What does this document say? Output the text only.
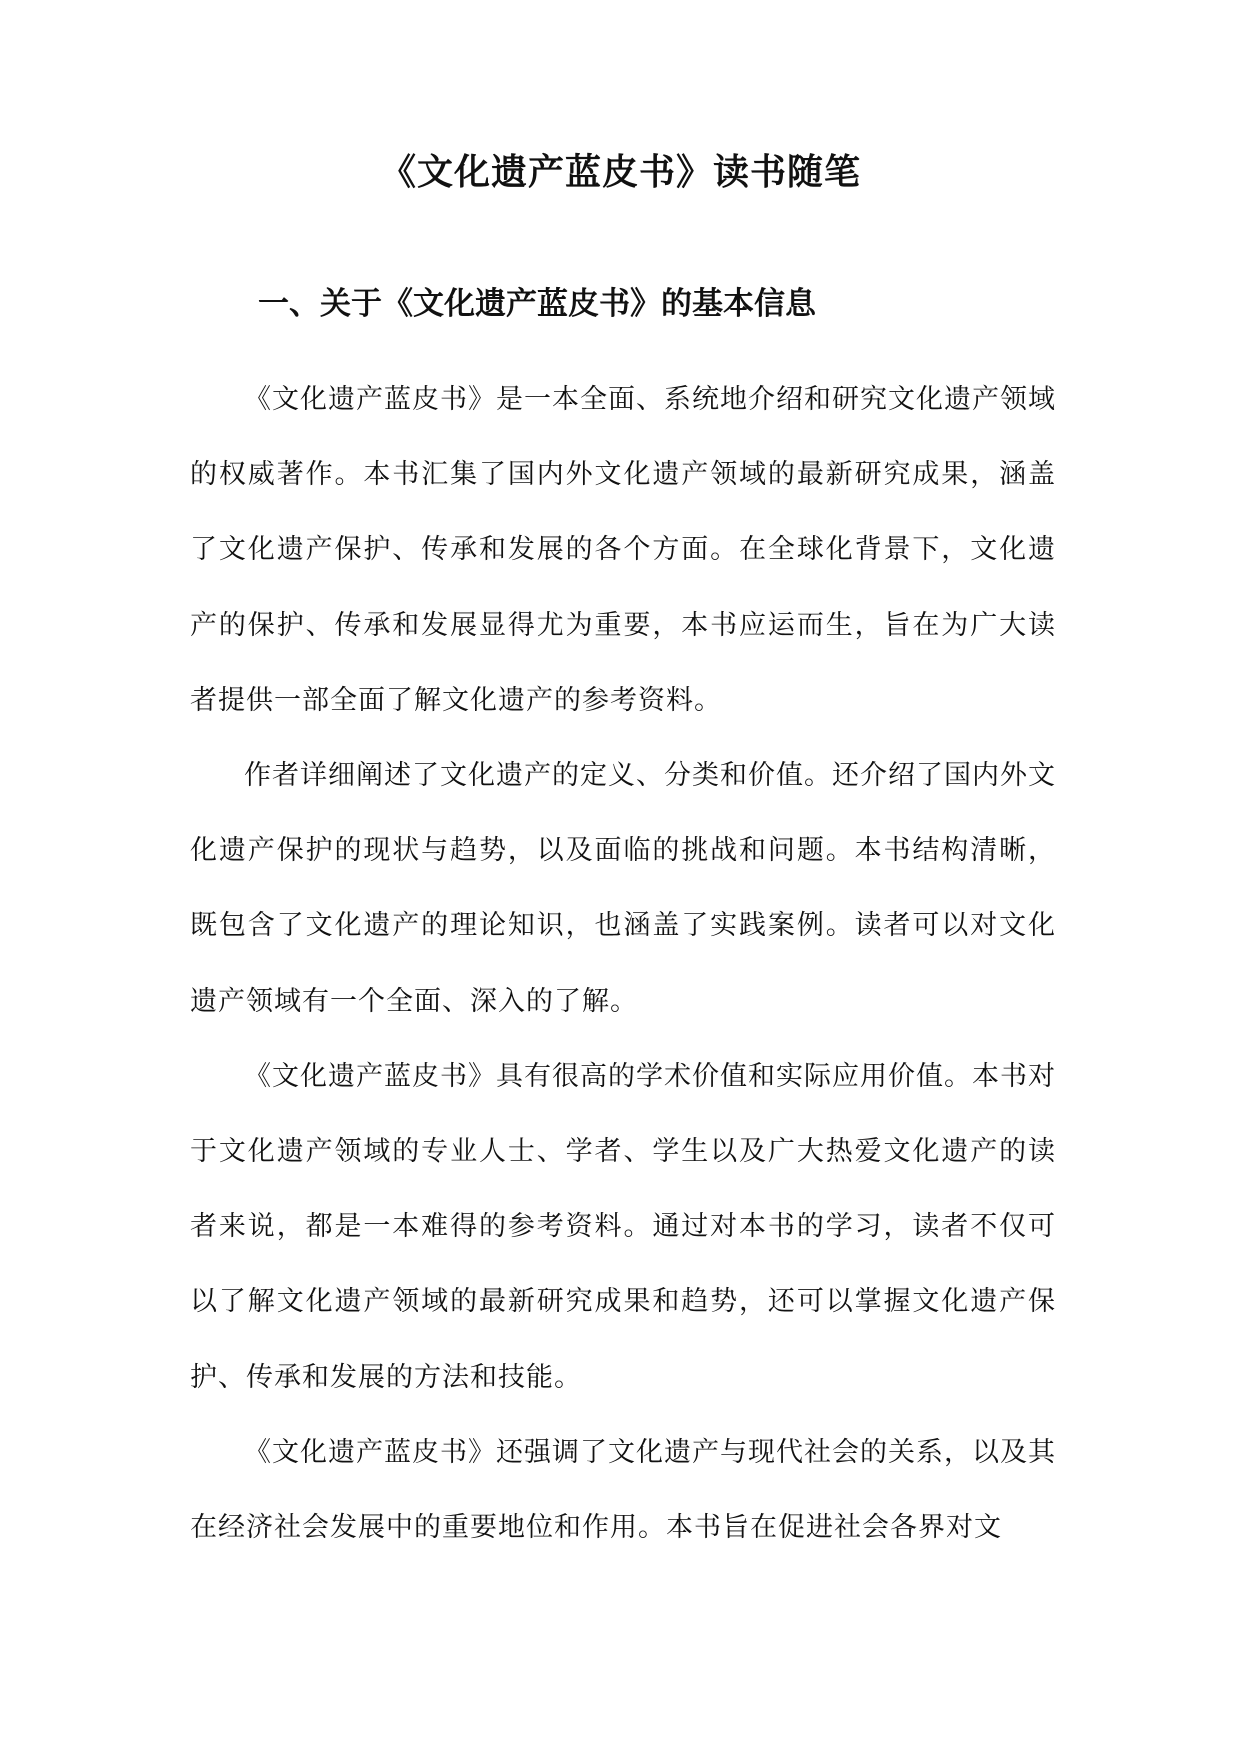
《文化遗产蓝皮书》读书随笔
一、关于《文化遗产蓝皮书》的基本信息

《文化遗产蓝皮书》是一本全面、系统地介绍和研究文化遗产领域的权威著作。本书汇集了国内外文化遗产领域的最新研究成果，涵盖了文化遗产保护、传承和发展的各个方面。在全球化背景下，文化遗产的保护、传承和发展显得尤为重要，本书应运而生，旨在为广大读者提供一部全面了解文化遗产的参考资料。

作者详细阐述了文化遗产的定义、分类和价值。还介绍了国内外文化遗产保护的现状与趋势，以及面临的挑战和问题。本书结构清晰，既包含了文化遗产的理论知识，也涵盖了实践案例。读者可以对文化遗产领域有一个全面、深入的了解。

《文化遗产蓝皮书》具有很高的学术价值和实际应用价值。本书对于文化遗产领域的专业人士、学者、学生以及广大热爱文化遗产的读者来说，都是一本难得的参考资料。通过对本书的学习，读者不仅可以了解文化遗产领域的最新研究成果和趋势，还可以掌握文化遗产保护、传承和发展的方法和技能。

《文化遗产蓝皮书》还强调了文化遗产与现代社会的关系，以及其在经济社会发展中的重要地位和作用。本书旨在促进社会各界对文
